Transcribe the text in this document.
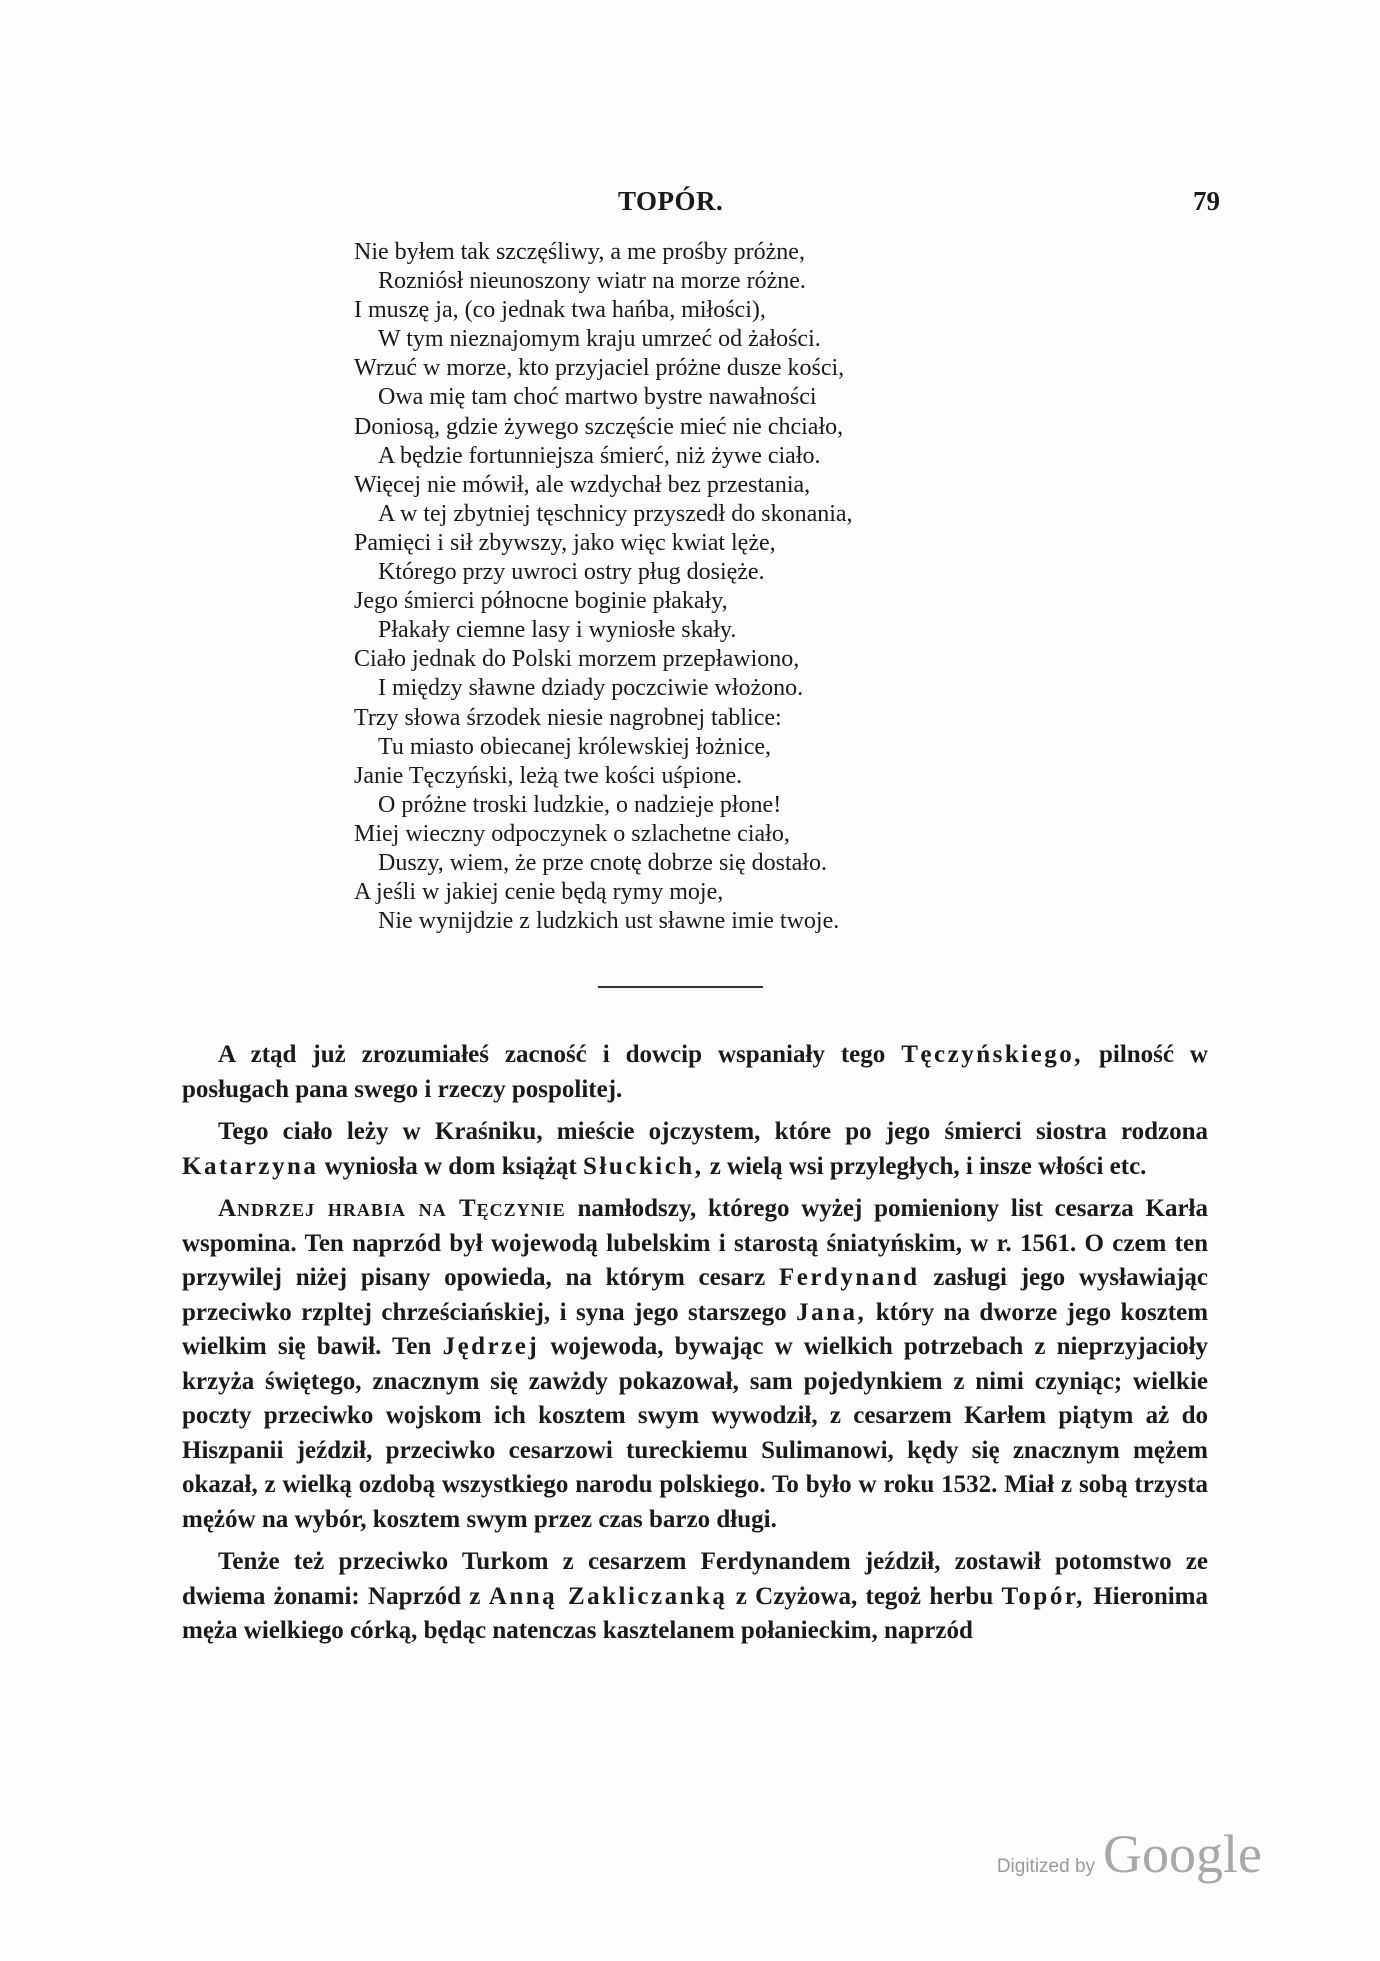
TOPÓR.	79
Nie byłem tak szczęśliwy, a me prośby próżne,
Rozniósł nieunoszony wiatr na morze różne.
I muszę ja, (co jednak twa hańba, miłości),
W tym nieznajomym kraju umrzeć od żałości.
Wrzuć w morze, kto przyjaciel próżne dusze kości,
Owa mię tam choć martwo bystre nawałności
Doniosą, gdzie żywego szczęście mieć nie chciało,
A będzie fortunniejsza śmierć, niż żywe ciało.
Więcej nie mówił, ale wzdychał bez przestania,
A w tej zbytniej tęschnicy przyszedł do skonania,
Pamięci i sił zbywszy, jako więc kwiat lęże,
Którego przy uwroci ostry pług dosięże.
Jego śmierci północne boginie płakały,
Płakały ciemne lasy i wyniosłe skały.
Ciało jednak do Polski morzem przepławiono,
I między sławne dziady poczciwie włożono.
Trzy słowa śrzodek niesie nagrobnej tablice:
Tu miasto obiecanej królewskiej łożnice,
Janie Tęczyński, leżą twe kości uśpione.
O próżne troski ludzkie, o nadzieje płone!
Miej wieczny odpoczynek o szlachetne ciało,
Duszy, wiem, że prze cnotę dobrze się dostało.
A jeśli w jakiej cenie będą rymy moje,
Nie wynijdzie z ludzkich ust sławne imie twoje.

A ztąd już zrozumiałeś zacność i dowcip wspaniały tego Tęczyńskiego, pilność w posługach pana swego i rzeczy pospolitej.

Tego ciało leży w Kraśniku, mieście ojczystem, które po jego śmierci siostra rodzona Katarzyna wyniosła w dom książąt Słuckich, z wielą wsi przyległych, i insze włości etc.

Andrzej hrabia na Tęczynie namłodszy, którego wyżej pomieniony list cesarza Karła wspomina. Ten naprzód był wojewodą lubelskim i starostą śniatyńskim, w r. 1561. O czem ten przywilej niżej pisany opowieda, na którym cesarz Ferdynand zasługi jego wysławiając przeciwko rzpltej chrześciańskiej, i syna jego starszego Jana, który na dworze jego kosztem wielkim się bawił. Ten Jędrzej wojewoda, bywając w wielkich potrzebach z nieprzyjacioły krzyża świętego, znacznym się zawżdy pokazował, sam pojedynkiem z nimi czyniąc; wielkie poczty przeciwko wojskom ich kosztem swym wywodził, z cesarzem Karłem piątym aż do Hiszpanii jeździł, przeciwko cesarzowi tureckiemu Sulimanowi, kędy się znacznym mężem okazał, z wielką ozdobą wszystkiego narodu polskiego. To było w roku 1532. Miał z sobą trzysta mężów na wybór, kosztem swym przez czas barzo długi.

Tenże też przeciwko Turkom z cesarzem Ferdynandem jeździł, zostawił potomstwo ze dwiema żonami: Naprzód z Anną Zakliczanką z Czyżowa, tegoż herbu Topór, Hieronima męża wielkiego córką, będąc natenczas kasztelanem połanieckim, naprzód

Digitized by Google
